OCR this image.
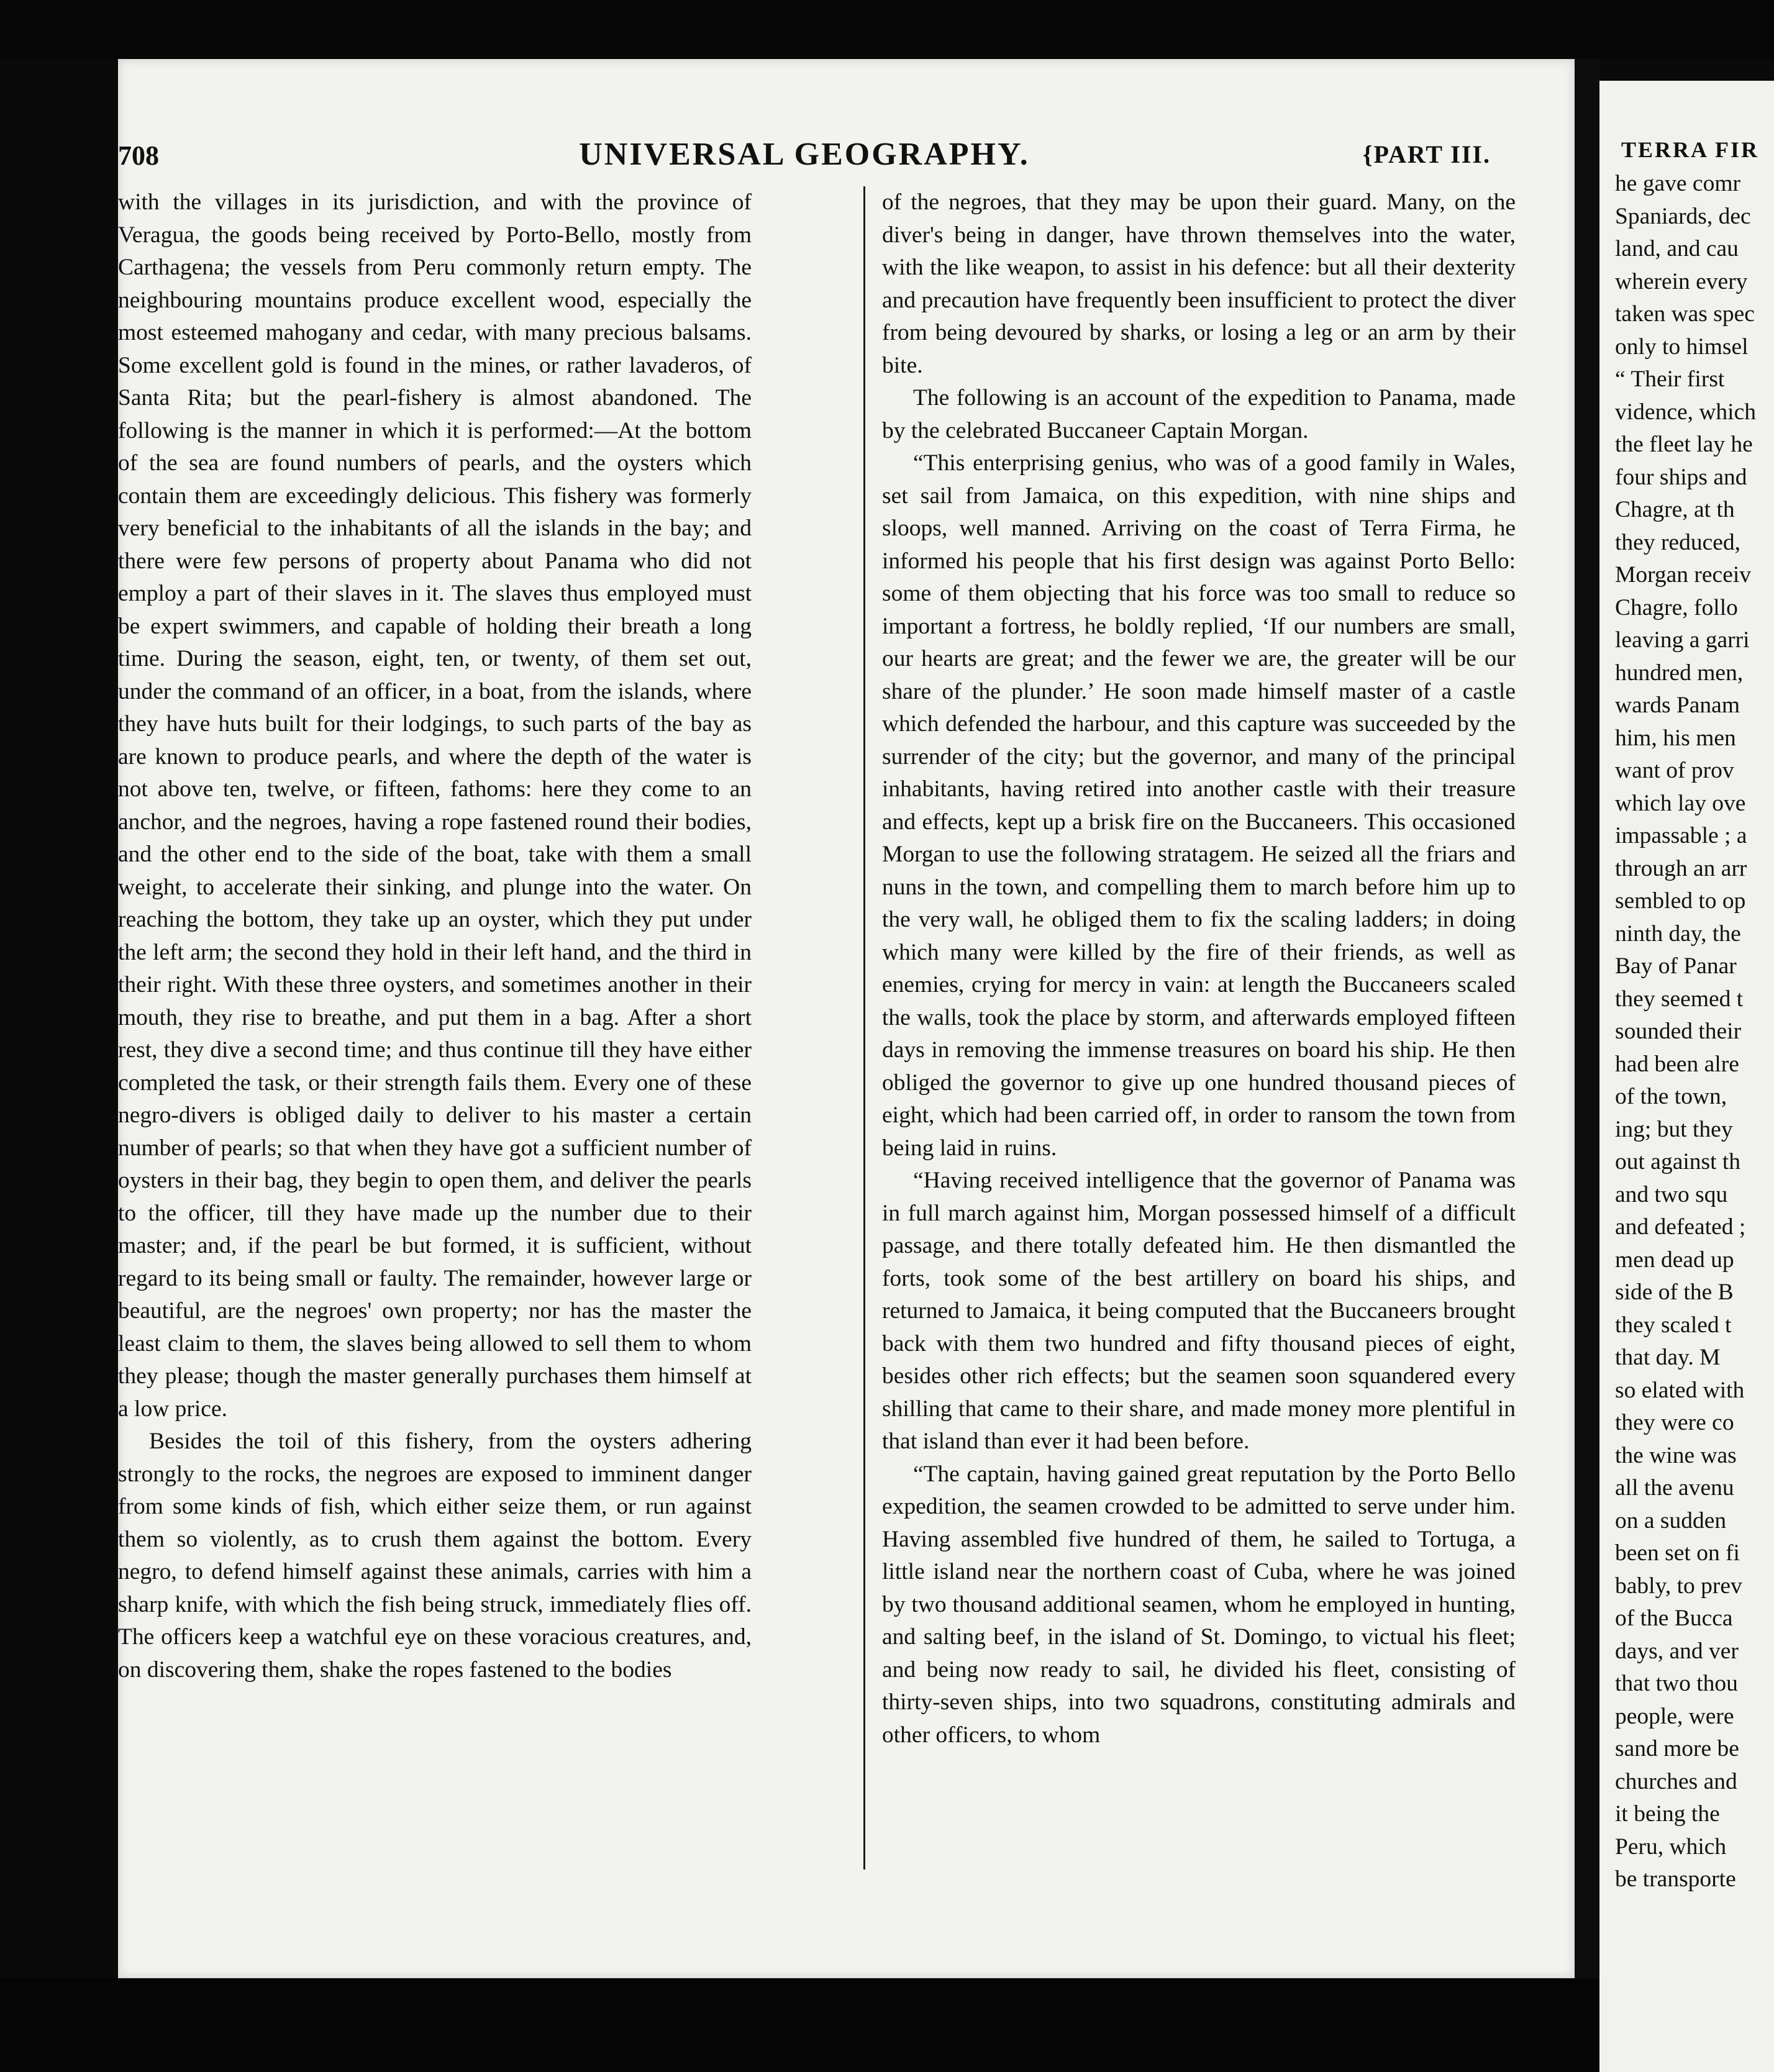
708	UNIVERSAL GEOGRAPHY.	{PART III.

with the villages in its jurisdiction, and with the province of Veragua, the goods being received by Porto-Bello, mostly from Carthagena; the vessels from Peru commonly return empty. The neighbouring mountains produce excellent wood, especially the most esteemed mahogany and cedar, with many precious balsams. Some excellent gold is found in the mines, or rather lavaderos, of Santa Rita; but the pearl-fishery is almost abandoned. The following is the manner in which it is performed:—At the bottom of the sea are found numbers of pearls, and the oysters which contain them are exceedingly delicious. This fishery was formerly very beneficial to the inhabitants of all the islands in the bay; and there were few persons of property about Panama who did not employ a part of their slaves in it. The slaves thus employed must be expert swimmers, and capable of holding their breath a long time. During the season, eight, ten, or twenty, of them set out, under the command of an officer, in a boat, from the islands, where they have huts built for their lodgings, to such parts of the bay as are known to produce pearls, and where the depth of the water is not above ten, twelve, or fifteen, fathoms: here they come to an anchor, and the negroes, having a rope fastened round their bodies, and the other end to the side of the boat, take with them a small weight, to accelerate their sinking, and plunge into the water. On reaching the bottom, they take up an oyster, which they put under the left arm; the second they hold in their left hand, and the third in their right. With these three oysters, and sometimes another in their mouth, they rise to breathe, and put them in a bag. After a short rest, they dive a second time; and thus continue till they have either completed the task, or their strength fails them. Every one of these negro-divers is obliged daily to deliver to his master a certain number of pearls; so that when they have got a sufficient number of oysters in their bag, they begin to open them, and deliver the pearls to the officer, till they have made up the number due to their master; and, if the pearl be but formed, it is sufficient, without regard to its being small or faulty. The remainder, however large or beautiful, are the negroes' own property; nor has the master the least claim to them, the slaves being allowed to sell them to whom they please; though the master generally purchases them himself at a low price.

Besides the toil of this fishery, from the oysters adhering strongly to the rocks, the negroes are exposed to imminent danger from some kinds of fish, which either seize them, or run against them so violently, as to crush them against the bottom. Every negro, to defend himself against these animals, carries with him a sharp knife, with which the fish being struck, immediately flies off. The officers keep a watchful eye on these voracious creatures, and, on discovering them, shake the ropes fastened to the bodies

of the negroes, that they may be upon their guard. Many, on the diver's being in danger, have thrown themselves into the water, with the like weapon, to assist in his defence: but all their dexterity and precaution have frequently been insufficient to protect the diver from being devoured by sharks, or losing a leg or an arm by their bite.

The following is an account of the expedition to Panama, made by the celebrated Buccaneer Captain Morgan.

“This enterprising genius, who was of a good family in Wales, set sail from Jamaica, on this expedition, with nine ships and sloops, well manned. Arriving on the coast of Terra Firma, he informed his people that his first design was against Porto Bello: some of them objecting that his force was too small to reduce so important a fortress, he boldly replied, ‘If our numbers are small, our hearts are great; and the fewer we are, the greater will be our share of the plunder.’ He soon made himself master of a castle which defended the harbour, and this capture was succeeded by the surrender of the city; but the governor, and many of the principal inhabitants, having retired into another castle with their treasure and effects, kept up a brisk fire on the Buccaneers. This occasioned Morgan to use the following stratagem. He seized all the friars and nuns in the town, and compelling them to march before him up to the very wall, he obliged them to fix the scaling ladders; in doing which many were killed by the fire of their friends, as well as enemies, crying for mercy in vain: at length the Buccaneers scaled the walls, took the place by storm, and afterwards employed fifteen days in removing the immense treasures on board his ship. He then obliged the governor to give up one hundred thousand pieces of eight, which had been carried off, in order to ransom the town from being laid in ruins.

“Having received intelligence that the governor of Panama was in full march against him, Morgan possessed himself of a difficult passage, and there totally defeated him. He then dismantled the forts, took some of the best artillery on board his ships, and returned to Jamaica, it being computed that the Buccaneers brought back with them two hundred and fifty thousand pieces of eight, besides other rich effects; but the seamen soon squandered every shilling that came to their share, and made money more plentiful in that island than ever it had been before.

“The captain, having gained great reputation by the Porto Bello expedition, the seamen crowded to be admitted to serve under him. Having assembled five hundred of them, he sailed to Tortuga, a little island near the northern coast of Cuba, where he was joined by two thousand additional seamen, whom he employed in hunting, and salting beef, in the island of St. Domingo, to victual his fleet; and being now ready to sail, he divided his fleet, consisting of thirty-seven ships, into two squadrons, constituting admirals and other officers, to whom

TERRA FIR
he gave comr
Spaniards, dec
land, and cau
wherein every
taken was spec
only to himsel
“ Their first
vidence, which
the fleet lay he
four ships and
Chagre, at th
they reduced,
Morgan receiv
Chagre, follo
leaving a garri
hundred men,
wards Panam
him, his men
want of prov
which lay ove
impassable ; a
through an arr
sembled to op
ninth day, the
Bay of Panar
they seemed t
sounded their
had been alre
of the town,
ing; but they
out against th
and two squ
and defeated ;
men dead up
side of the B
they scaled t
that day. M
so elated with
they were co
the wine was
all the avenu
on a sudden
been set on fi
bably, to prev
of the Bucca
days, and ver
that two thou
people, were
sand more be
churches and
it being the
Peru, which
be transporte
